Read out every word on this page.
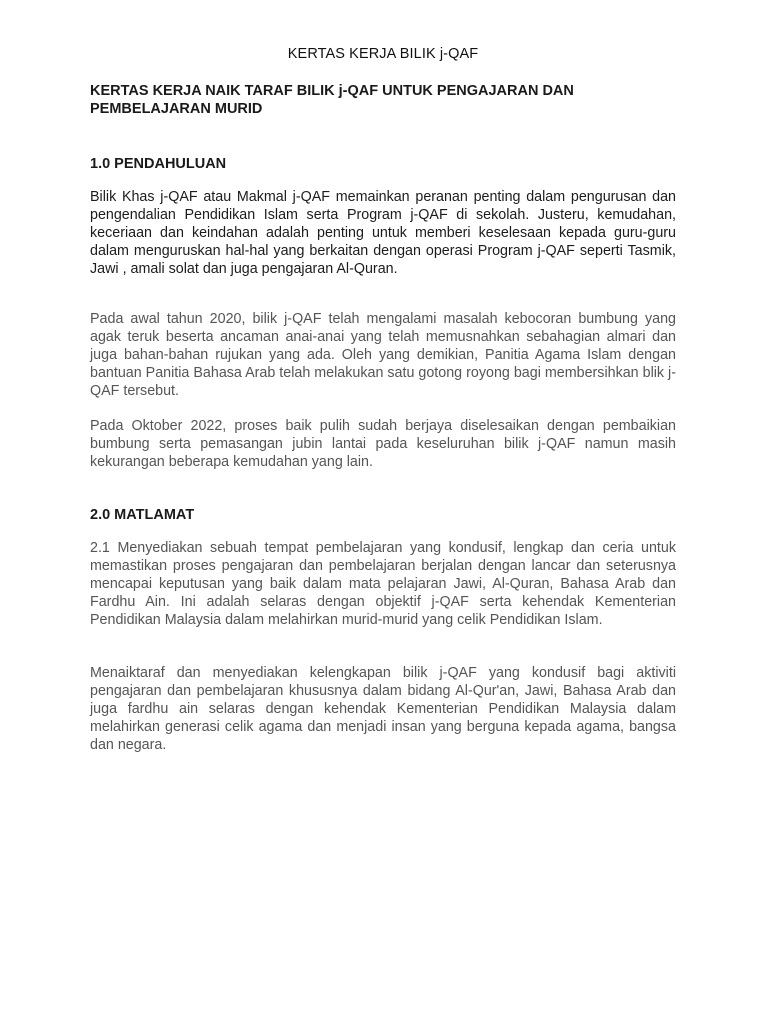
KERTAS KERJA BILIK j-QAF
KERTAS KERJA NAIK TARAF BILIK j-QAF UNTUK PENGAJARAN DAN PEMBELAJARAN MURID
1.0 PENDAHULUAN

Bilik Khas j-QAF atau Makmal j-QAF memainkan peranan penting dalam pengurusan dan pengendalian Pendidikan Islam serta Program j-QAF di sekolah. Justeru, kemudahan, keceriaan dan keindahan adalah penting untuk memberi keselesaan kepada guru-guru dalam menguruskan hal-hal yang berkaitan dengan operasi Program j-QAF seperti Tasmik, Jawi , amali solat dan juga pengajaran Al-Quran.

Pada awal tahun 2020, bilik j-QAF telah mengalami masalah kebocoran bumbung yang agak teruk beserta ancaman anai-anai yang telah memusnahkan sebahagian almari dan juga bahan-bahan rujukan yang ada. Oleh yang demikian, Panitia Agama Islam dengan bantuan Panitia Bahasa Arab telah melakukan satu gotong royong bagi membersihkan blik j-QAF tersebut.

Pada Oktober 2022, proses baik pulih sudah berjaya diselesaikan dengan pembaikian bumbung serta pemasangan jubin lantai pada keseluruhan bilik j-QAF namun masih kekurangan beberapa kemudahan yang lain.

2.0 MATLAMAT

2.1 Menyediakan sebuah tempat pembelajaran yang kondusif, lengkap dan ceria untuk memastikan proses pengajaran dan pembelajaran berjalan dengan lancar dan seterusnya mencapai keputusan yang baik dalam mata pelajaran Jawi, Al-Quran, Bahasa Arab dan Fardhu Ain. Ini adalah selaras dengan objektif j-QAF serta kehendak Kementerian Pendidikan Malaysia dalam melahirkan murid-murid yang celik Pendidikan Islam.

Menaiktaraf dan menyediakan kelengkapan bilik j-QAF yang kondusif bagi aktiviti pengajaran dan pembelajaran khususnya dalam bidang Al-Qur'an, Jawi, Bahasa Arab dan juga fardhu ain selaras dengan kehendak Kementerian Pendidikan Malaysia dalam melahirkan generasi celik agama dan menjadi insan yang berguna kepada agama, bangsa dan negara.
